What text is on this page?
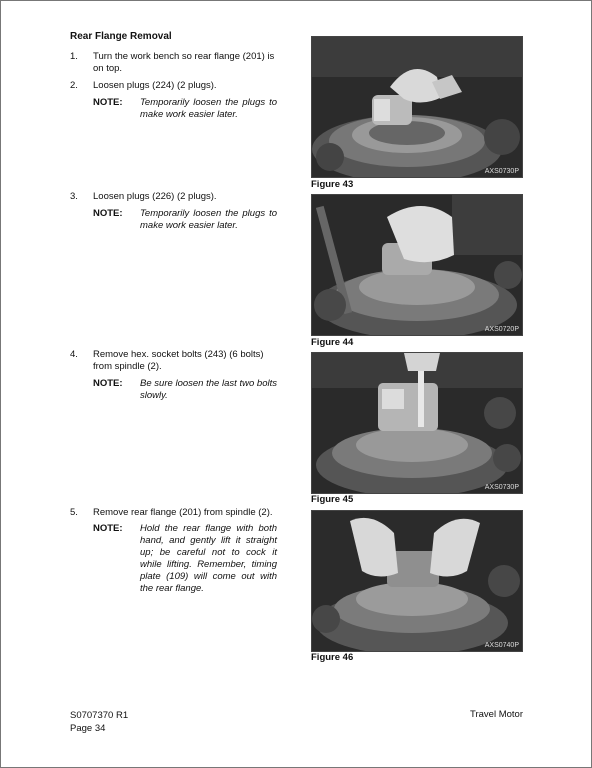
Rear Flange Removal
1. Turn the work bench so rear flange (201) is on top.
2. Loosen plugs (224) (2 plugs).
NOTE: Temporarily loosen the plugs to make work easier later.
3. Loosen plugs (226) (2 plugs).
NOTE: Temporarily loosen the plugs to make work easier later.
4. Remove hex. socket bolts (243) (6 bolts) from spindle (2).
NOTE: Be sure loosen the last two bolts slowly.
5. Remove rear flange (201) from spindle (2).
NOTE: Hold the rear flange with both hand, and gently lift it straight up; be careful not to cock it while lifting. Remember, timing plate (109) will come out with the rear flange.
AXS0730P
Figure 43
AXS0720P
Figure 44
AXS0730P
Figure 45
AXS0740P
Figure 46
S0707370 R1
Page 34
Travel Motor
